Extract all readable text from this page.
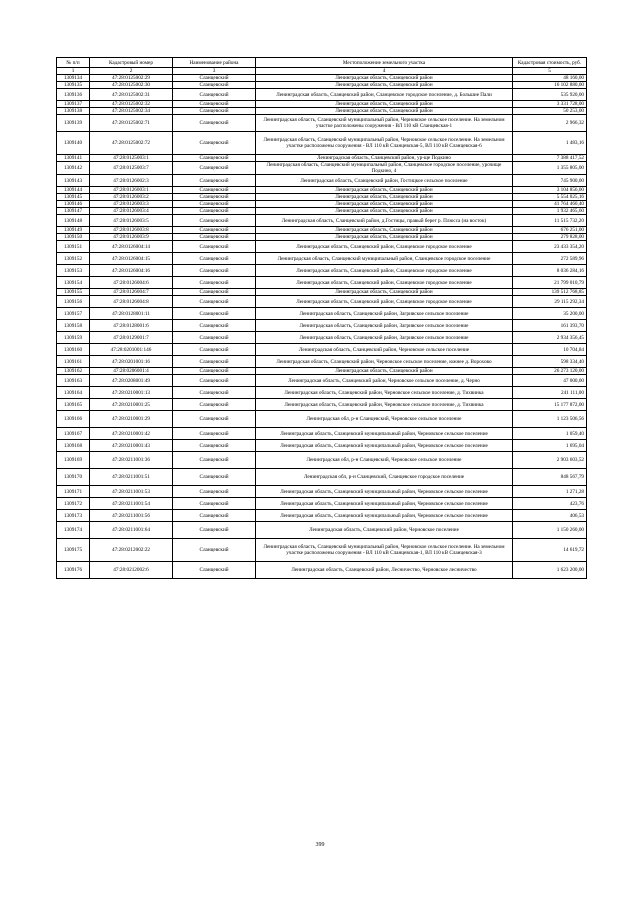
№ п/п	Кадастровый номер	Наименование района	Местоположение земельного участка	Кадастровая стоимость, руб.
1	2	3	4	5
1309134	47:28:0125002:29	Сланцевский	Ленинградская область, Сланцевский район	48 160,00
1309135	47:28:0125002:30	Сланцевский	Ленинградская область, Сланцевский район	16 102 880,00
1309136	47:28:0125002:31	Сланцевский	Ленинградская область, Сланцевский район, Сланцевское городское поселение, д. Большие Пали	535 920,00
1309137	47:28:0125002:32	Сланцевский	Ленинградская область, Сланцевский район	3 331 728,00
1309138	47:28:0125002:34	Сланцевский	Ленинградская область, Сланцевский район	50 253,00
1309139	47:28:0125002:71	Сланцевский	Ленинградская область, Сланцевский муниципальный район, Черновское сельское поселение. На земельном участке расположены сооружения - ВЛ 110 кВ Сланцевская-1	2 966,32
1309140	47:28:0125002:72	Сланцевский	Ленинградская область, Сланцевский муниципальный район, Черновское сельское поселение. На земельном участке расположены сооружения - ВЛ 110 кВ Сланцевская-5, ВЛ 110 кВ Сланцевская-6	1 483,16
1309141	47:28:0125003:1	Сланцевский	Ленинградская область, Сланцевский район, ур-ще Подкино	7 388 417,52
1309142	47:28:0125003:7	Сланцевский	Ленинградская область, Сланцевский муниципальный район, Сланцевское городское поселение, урочище Подкино, 4	1 355 805,00
1309143	47:28:0126002:3	Сланцевский	Ленинградская область, Сланцевский район, Гостицкое сельское поселение	745 900,00
1309144	47:28:0126003:1	Сланцевский	Ленинградская область, Сланцевский район	3 104 856,00
1309145	47:28:0126003:2	Сланцевский	Ленинградская область, Сланцевский район	5 554 025,16
1309146	47:28:0126003:3	Сланцевский	Ленинградская область, Сланцевский район	41 764 460,40
1309147	47:28:0126003:4	Сланцевский	Ленинградская область, Сланцевский район	1 932 465,60
1309148	47:28:0126003:5	Сланцевский	Ленинградская область, Сланцевский район, д.Гостицы, правый берег р. Плюсса (на восток)	11 515 732,20
1309149	47:28:0126003:8	Сланцевский	Ленинградская область, Сланцевский район	676 251,00
1309150	47:28:0126003:9	Сланцевский	Ленинградская область, Сланцевский район	279 828,00
1309151	47:28:0126004:14	Сланцевский	Ленинградская область, Сланцевский район, Сланцевское городское поселение	23 433 354,20
1309152	47:28:0126004:15	Сланцевский	Ленинградская область, Сланцевский муниципальный район, Сланцевское городское поселение	272 589,96
1309153	47:28:0126004:16	Сланцевский	Ленинградская область, Сланцевский район, Сланцевское городское поселение	8 036 284,16
1309154	47:28:0126004:6	Сланцевский	Ленинградская область, Сланцевский район, Сланцевское городское поселение	21 799 010,79
1309155	47:28:0126004:7	Сланцевский	Ленинградская область, Сланцевский район	139 512 768,85
1309156	47:28:0126004:8	Сланцевский	Ленинградская область, Сланцевский район, Сланцевское городское поселение	29 115 292,34
1309157	47:28:0128001:11	Сланцевский	Ленинградская область, Сланцевский район, Загривское сельское поселение	35 200,00
1309158	47:28:0128001:6	Сланцевский	Ленинградская область, Сланцевский район, Загривское сельское поселение	161 393,70
1309159	47:28:0129001:7	Сланцевский	Ленинградская область, Сланцевский район, Загривское сельское поселение	2 934 356,45
1309160	47:28:0201001:146	Сланцевский	Ленинградская область, Сланцевский район, Черновское сельское поселение	10 704,84
1309161	47:28:0201001:16	Сланцевский	Ленинградская область, Сланцевский район, Черновское сельское поселение, южнее д. Ворохово	598 334,40
1309162	47:28:0206001:4	Сланцевский	Ленинградская область, Сланцевский район	26 273 120,00
1309163	47:28:0208001:49	Сланцевский	Ленинградская область, Сланцевский район, Черновское сельское поселение, д. Черно	47 000,00
1309164	47:28:0210001:13	Сланцевский	Ленинградская область, Сланцевский район, Черновское сельское поселение, д. Тихвинка	241 111,00
1309165	47:28:0210001:25	Сланцевский	Ленинградская область, Сланцевский район, Черновское сельское поселение, д. Тихвинка	15 177 872,00
1309166	47:28:0210001:29	Сланцевский	Ленинградская обл, р-н Сланцевский, Черновское сельское поселение	1 123 506,56
1309167	47:28:0210001:42	Сланцевский	Ленинградская область, Сланцевский муниципальный район, Черновское сельское поселение	1 059,40
1309168	47:28:0210001:43	Сланцевский	Ленинградская область, Сланцевский муниципальный район, Черновское сельское поселение	1 695,04
1309169	47:28:0211001:36	Сланцевский	Ленинградская обл, р-н Сланцевский, Черновское сельское поселение	2 903 603,52
1309170	47:28:0211001:51	Сланцевский	Ленинградская обл, р-н Сланцевский, Сланцевское городское поселение	848 567,79
1309171	47:28:0211001:53	Сланцевский	Ленинградская область, Сланцевский муниципальный район, Черновское сельское поселение	1 271,28
1309172	47:28:0211001:54	Сланцевский	Ленинградская область, Сланцевский муниципальный район, Черновское сельское поселение	423,76
1309173	47:28:0211001:56	Сланцевский	Ленинградская область, Сланцевский муниципальный район, Черновское сельское поселение	406,53
1309174	47:28:0211001:64	Сланцевский	Ленинградская область, Сланцевский район, Черновское поселение	1 150 260,00
1309175	47:28:0212002:22	Сланцевский	Ленинградская область, Сланцевский муниципальный район, Черновское сельское поселение. На земельном участке расположены сооружения - ВЛ 110 кВ Сланцевская-1, ВЛ 110 кВ Сланцевская-3	14 619,72
1309176	47:28:0212002:6	Сланцевский	Ленинградская область, Сланцевский район, Лесничество, Черновское лесничество	1 623 200,00
399
